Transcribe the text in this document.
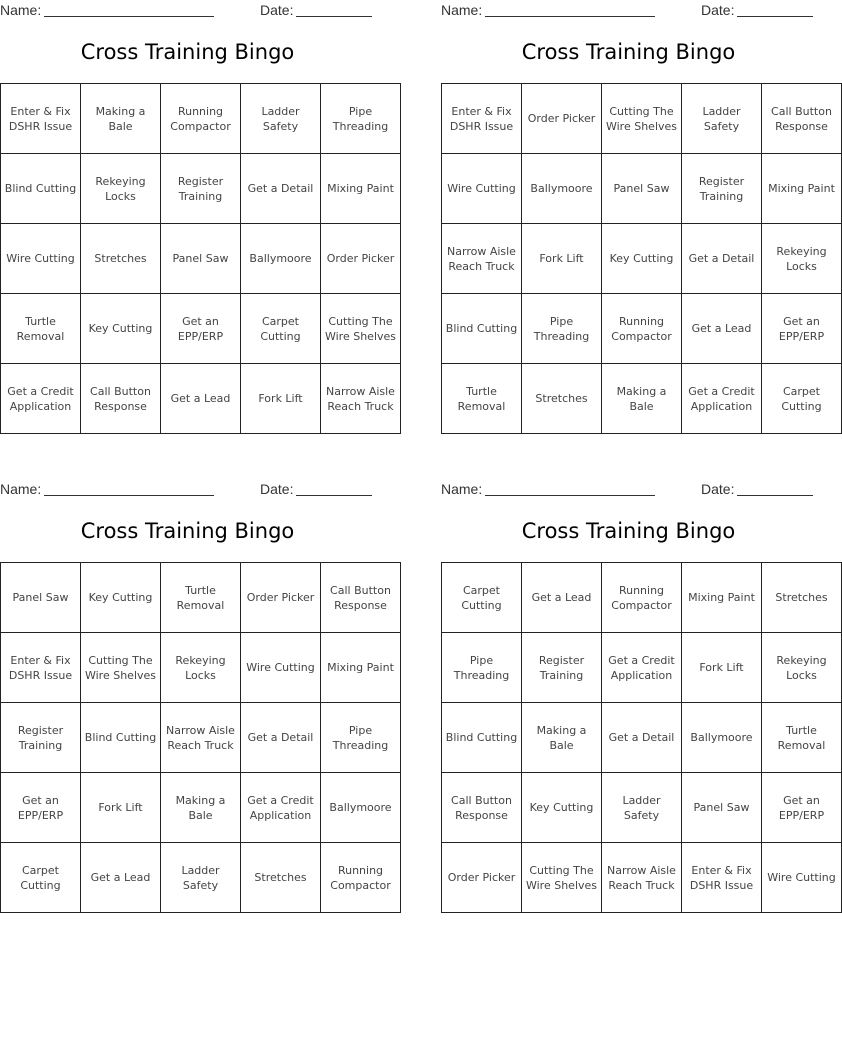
Name:	Date:
Cross Training Bingo
Enter & Fix DSHR Issue	Making a Bale	Running Compactor	Ladder Safety	Pipe Threading
Blind Cutting	Rekeying Locks	Register Training	Get a Detail	Mixing Paint
Wire Cutting	Stretches	Panel Saw	Ballymoore	Order Picker
Turtle Removal	Key Cutting	Get an EPP/ERP	Carpet Cutting	Cutting The Wire Shelves
Get a Credit Application	Call Button Response	Get a Lead	Fork Lift	Narrow Aisle Reach Truck
Name:	Date:
Cross Training Bingo
Enter & Fix DSHR Issue	Order Picker	Cutting The Wire Shelves	Ladder Safety	Call Button Response
Wire Cutting	Ballymoore	Panel Saw	Register Training	Mixing Paint
Narrow Aisle Reach Truck	Fork Lift	Key Cutting	Get a Detail	Rekeying Locks
Blind Cutting	Pipe Threading	Running Compactor	Get a Lead	Get an EPP/ERP
Turtle Removal	Stretches	Making a Bale	Get a Credit Application	Carpet Cutting
Name:	Date:
Cross Training Bingo
Panel Saw	Key Cutting	Turtle Removal	Order Picker	Call Button Response
Enter & Fix DSHR Issue	Cutting The Wire Shelves	Rekeying Locks	Wire Cutting	Mixing Paint
Register Training	Blind Cutting	Narrow Aisle Reach Truck	Get a Detail	Pipe Threading
Get an EPP/ERP	Fork Lift	Making a Bale	Get a Credit Application	Ballymoore
Carpet Cutting	Get a Lead	Ladder Safety	Stretches	Running Compactor
Name:	Date:
Cross Training Bingo
Carpet Cutting	Get a Lead	Running Compactor	Mixing Paint	Stretches
Pipe Threading	Register Training	Get a Credit Application	Fork Lift	Rekeying Locks
Blind Cutting	Making a Bale	Get a Detail	Ballymoore	Turtle Removal
Call Button Response	Key Cutting	Ladder Safety	Panel Saw	Get an EPP/ERP
Order Picker	Cutting The Wire Shelves	Narrow Aisle Reach Truck	Enter & Fix DSHR Issue	Wire Cutting
